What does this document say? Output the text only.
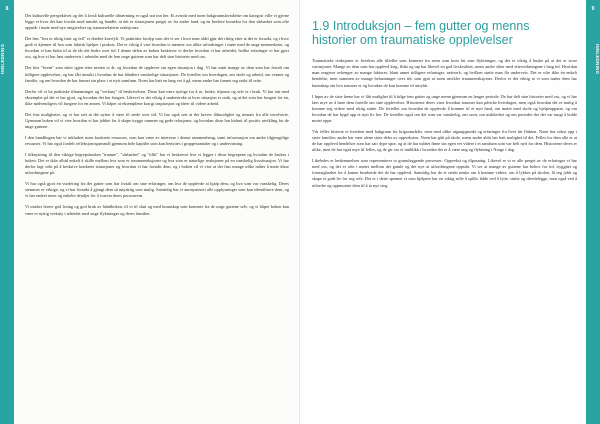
8
INNLEDNING

Det kulturelle perspektivet og det å forså kulturelle tilnærming er også tatt inn her. Et avsnitt med noen bakgrunnsforståelse om kategori ville vi gjerne legge et hvor det kan forstås med innsikt og handle, at det er situasjonen preget av fra andre land, og en bredere kontekst for den sårbarhet som ofte oppstår i møte med nye omgivelser og traumerelaterte reaksjoner.

Det fins "hva er riktig fasit og feil" er direkte kravfylt. Vi praktiske fordyp som det vi ser i hvor man aldri gjør det riktig etter at det er forsøkt, og i hvor godt vi kjenner til hva som faktisk hjelper i praksis. Det er viktig å vise hvordan vi nærmer oss ulike utfordringer i møte med de unge menneskene, og hvordan vi kan bidra til at de får det bedre over tid. I denne delen av boken beskriver vi derfor hvordan vi har arbeidet, hvilke erfaringer vi har gjort oss, og hva vi har lært underveis i arbeidet med de fem unge guttene som har delt sine historier med oss.

Det fins "hvem" som sitter igjen etter nesten to år, og hvordan de opplever sin egen situasjon i dag. Vi har møtt mange av dem som har fortalt om tidligere opplevelser, og har fått innsikt i hvordan de har håndtert vanskelige situasjoner. De forteller om hverdagen, om skole og arbeid, om venner og familie, og om hvordan de har funnet sin plass i et nytt samfunn. Noen har hatt en lang vei å gå, mens andre har funnet seg raskt til rette.

Derfor vil vi ha praktiske tilnærminger og "verktøy" til beskrivelsen. Disse kan være nyttige for å se, bruke, tilpasse og selv ta i bruk. Vi har tatt med eksempler på det vi har gjort, og hvordan det har fungert. Likevel er det viktig å understreke at hver situasjon er unik, og at det som har fungert for en, ikke nødvendigvis vil fungere for en annen. Vi håper at eksemplene kan gi inspirasjon og ideer til videre arbeid.

Det fins muligheter, og vi har sett at det nytter å være til stede over tid. Vi har også sett at det krever tålmodighet og innsats fra alle involverte. Gjennom boken vil vi vise hvordan vi har jobbet for å skape trygge rammer og gode relasjoner, og hvordan disse har bidratt til positiv utvikling for de unge guttene.

I den handlingen har vi inkludert noen konkrete ressurser, som kan være av interesse i denne sammenheng, samt informasjon om andre tilgjengelige ressurser. Vi har også fordelt refleksjonsspørsmål gjennom hele kapitlet som kan benyttes i gruppesamtaler og i undervisning.

I tilknytning til den viktige begrepsbruken "traume", "sårbarhet" og "tillit" har vi beskrevet hva vi legger i disse begrepene og hvordan de brukes i boken. Det er ikke alltid enkelt å skille mellom hva som er traumereaksjoner og hva som er naturlige reaksjoner på en vanskelig livssituasjon. Vi har derfor lagt vekt på å beskrive konkrete situasjoner og hvordan vi har forstått dem, og i boken vil vi vise at det fins mange ulike måter å møte disse utfordringene på.

Vi har også gjort en vurdering fra dei gutter som har fortalt om sine erfaringer, om hva de opplevde at hjalp dem, og hva som var vanskelig. Deres stemmer er viktige, og vi har forsøkt å gjengi dem så nøyaktig som mulig. Samtidig har vi anonymisert alle opplysninger som kan identifisere dem, og vi har endret navn og enkelte detaljer for å ivareta deres personvern.

Vi ønsker lesere god lesing og god bruk av håndboken, til vi til slutt og med kunnskap som kommer fra de unge guttene selv, og vi håper boken kan være et nyttig verktøy i arbeidet med unge flyktninger og deres familier.

9
INNLEDNING
1.9 Introduksjon – fem gutter og menns historier om traumatiske opplevelser

Traumatiske reaksjoner er hverken alle tilfeller som kommer fra noen som kom hit som flyktninger, og det er viktig å huske på at det er store variasjoner. Mange av dem som har opplevd krig, flukt og tap har likevel en god livskvalitet, mens andre sliter med ettervirkningene i lang tid. Hvordan man reagerer avhenger av mange faktorer, blant annet tidligere erfaringer, nettverk, og hvilken støtte man får underveis. Det er ofte ikke én enkelt hendelse, men summen av mange belastninger over tid, som gjør at noen utvikler traumereaksjoner. Derfor er det viktig at vi som møter dem har kunnskap om hva traumer er og hvordan de kan komme til uttrykk.

I løpet av de siste årene har vi fått mulighet til å følge fem gutter og unge menn gjennom en lengre periode. De har delt sine historier med oss, og vi har lært mye av å høre dem fortelle om sine opplevelser. Historiene deres viser hvordan traumer kan påvirke hverdagen, men også hvordan det er mulig å komme seg videre med riktig støtte. De forteller om hvordan de opplevde å komme til et nytt land, om møtet med skole og hjelpeapparat, og om hvordan de har bygd opp et nytt liv her. De forteller også om det som var vanskelig, om savn, om usikkerhet og om perioder der det var tungt å holde motet oppe.

Vår felles historie er hverken med bakgrunn fra krigsområder, men med ulike utgangspunkt og erfaringer fra livet før flukten. Noen har vokst opp i store familier, andre har vært alene store deler av oppveksten. Noen har gått på skole, mens andre aldri har hatt mulighet til det. Felles for dem alle er at de har opplevd hendelser som har satt dype spor, og at de har måttet finne sin egen vei videre i et samfunn som var helt nytt for dem. Historiene deres er ulike, men de har også mye til felles, og de gir oss et innblikk i hvordan det er å være ung og flyktning i Norge i dag.

Likeledes er bedømmelsen som representerer to grunnleggende prosesser: Oppvekst og tilpasning. Likevel er vi er alle preget av de erfaringer vi har med oss, og det er ofte i møtet mellom det gamle og det nye at utfordringene oppstår. Vi ser at mange av guttene har behov for tid, trygghet og forutsigbarhet for å kunne bearbeide det de har opplevd. Samtidig har de et sterkt ønske om å komme videre, om å lykkes på skolen, få seg jobb og skape et godt liv for seg selv. Det er i dette spennet vi som hjelpere har en viktig rolle å spille, både ved å lytte, støtte og tilrettelegge, men også ved å utfordre og oppmuntre dem til å ta nye steg.
